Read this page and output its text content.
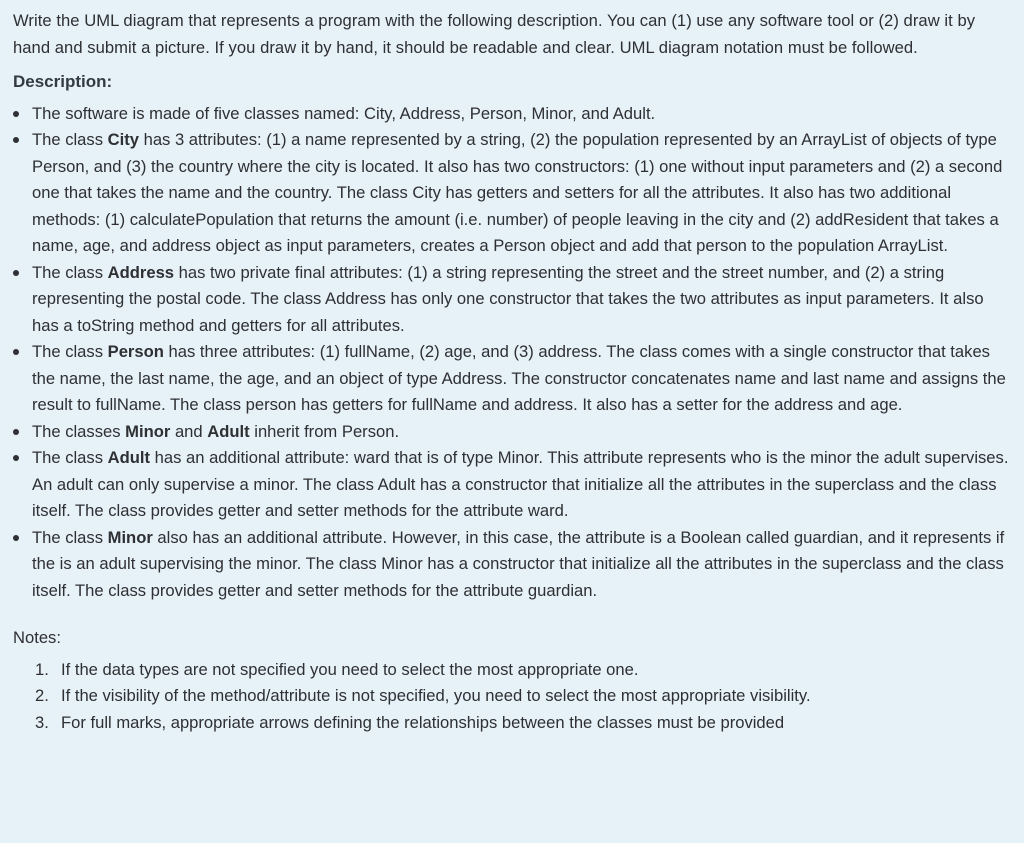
Write the UML diagram that represents a program with the following description. You can (1) use any software tool or (2) draw it by hand and submit a picture. If you draw it by hand, it should be readable and clear. UML diagram notation must be followed.

Description:
The software is made of five classes named: City, Address, Person, Minor, and Adult.
The class City has 3 attributes: (1) a name represented by a string, (2) the population represented by an ArrayList of objects of type Person, and (3) the country where the city is located. It also has two constructors: (1) one without input parameters and (2) a second one that takes the name and the country. The class City has getters and setters for all the attributes. It also has two additional methods: (1) calculatePopulation that returns the amount (i.e. number) of people leaving in the city and (2) addResident that takes a name, age, and address object as input parameters, creates a Person object and add that person to the population ArrayList.
The class Address has two private final attributes: (1) a string representing the street and the street number, and (2) a string representing the postal code. The class Address has only one constructor that takes the two attributes as input parameters. It also has a toString method and getters for all attributes.
The class Person has three attributes: (1) fullName, (2) age, and (3) address. The class comes with a single constructor that takes the name, the last name, the age, and an object of type Address. The constructor concatenates name and last name and assigns the result to fullName. The class person has getters for fullName and address. It also has a setter for the address and age.
The classes Minor and Adult inherit from Person.
The class Adult has an additional attribute: ward that is of type Minor. This attribute represents who is the minor the adult supervises. An adult can only supervise a minor. The class Adult has a constructor that initialize all the attributes in the superclass and the class itself. The class provides getter and setter methods for the attribute ward.
The class Minor also has an additional attribute. However, in this case, the attribute is a Boolean called guardian, and it represents if the is an adult supervising the minor. The class Minor has a constructor that initialize all the attributes in the superclass and the class itself. The class provides getter and setter methods for the attribute guardian.
Notes:
1. If the data types are not specified you need to select the most appropriate one.
2. If the visibility of the method/attribute is not specified, you need to select the most appropriate visibility.
3. For full marks, appropriate arrows defining the relationships between the classes must be provided
